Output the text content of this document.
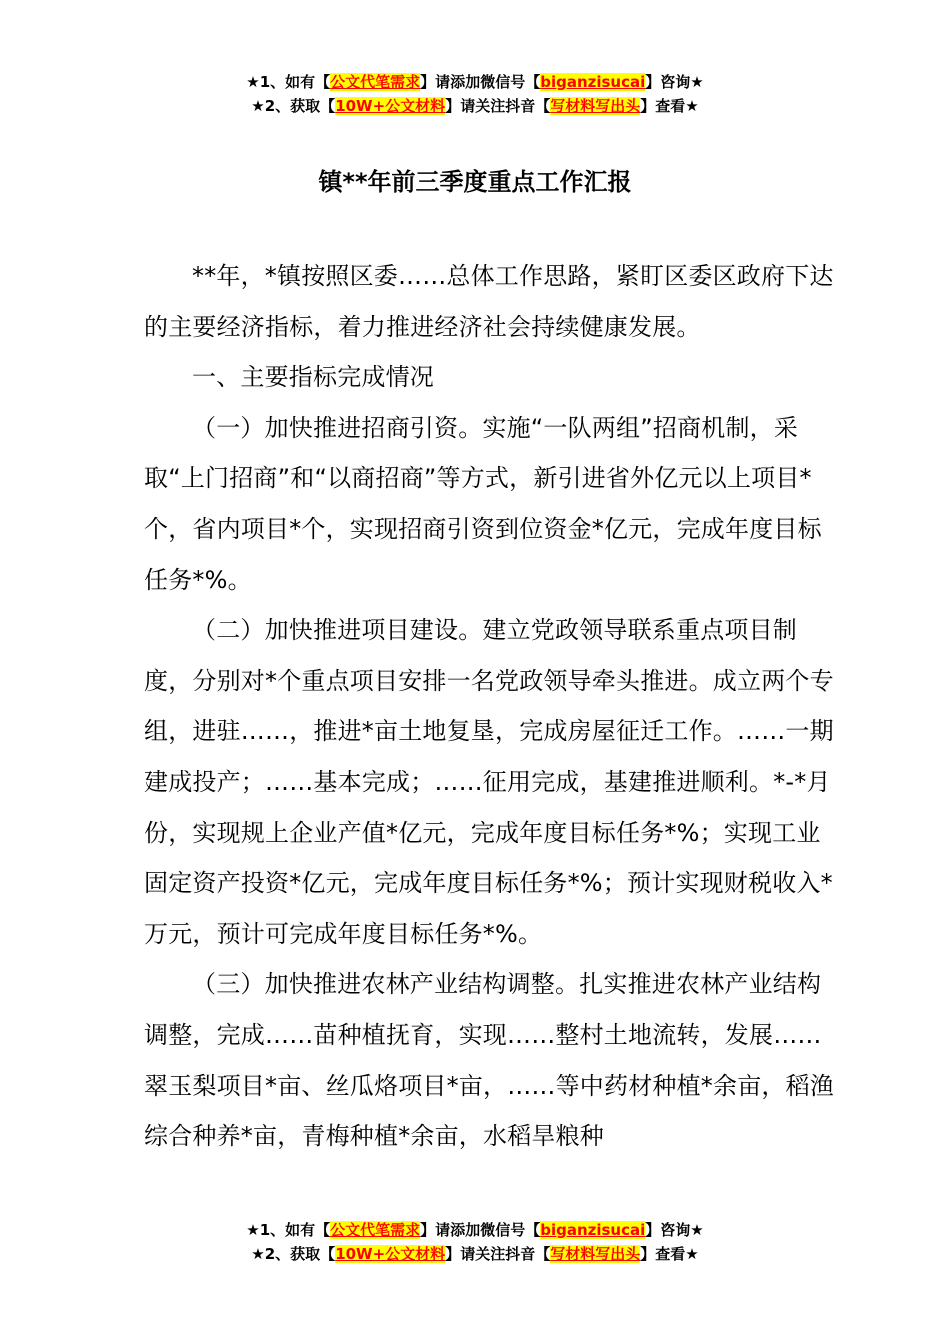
★1、如有【公文代笔需求】请添加微信号【biganzisucai】咨询★
★2、获取【10W+公文材料】请关注抖音【写材料写出头】查看★
镇**年前三季度重点工作汇报

**年，*镇按照区委……总体工作思路，紧盯区委区政府下达的主要经济指标，着力推进经济社会持续健康发展。

一、主要指标完成情况

（一）加快推进招商引资。实施“一队两组”招商机制，采取“上门招商”和“以商招商”等方式，新引进省外亿元以上项目*个，省内项目*个，实现招商引资到位资金*亿元，完成年度目标任务*%。

（二）加快推进项目建设。建立党政领导联系重点项目制度，分别对*个重点项目安排一名党政领导牵头推进。成立两个专组，进驻……，推进*亩土地复垦，完成房屋征迁工作。……一期建成投产；……基本完成；……征用完成，基建推进顺利。*-*月份，实现规上企业产值*亿元，完成年度目标任务*%；实现工业固定资产投资*亿元，完成年度目标任务*%；预计实现财税收入*万元，预计可完成年度目标任务*%。

（三）加快推进农林产业结构调整。扎实推进农林产业结构调整，完成……苗种植抚育，实现……整村土地流转，发展……翠玉梨项目*亩、丝瓜烙项目*亩，……等中药材种植*余亩，稻渔综合种养*亩，青梅种植*余亩，水稻旱粮种

★1、如有【公文代笔需求】请添加微信号【biganzisucai】咨询★
★2、获取【10W+公文材料】请关注抖音【写材料写出头】查看★
